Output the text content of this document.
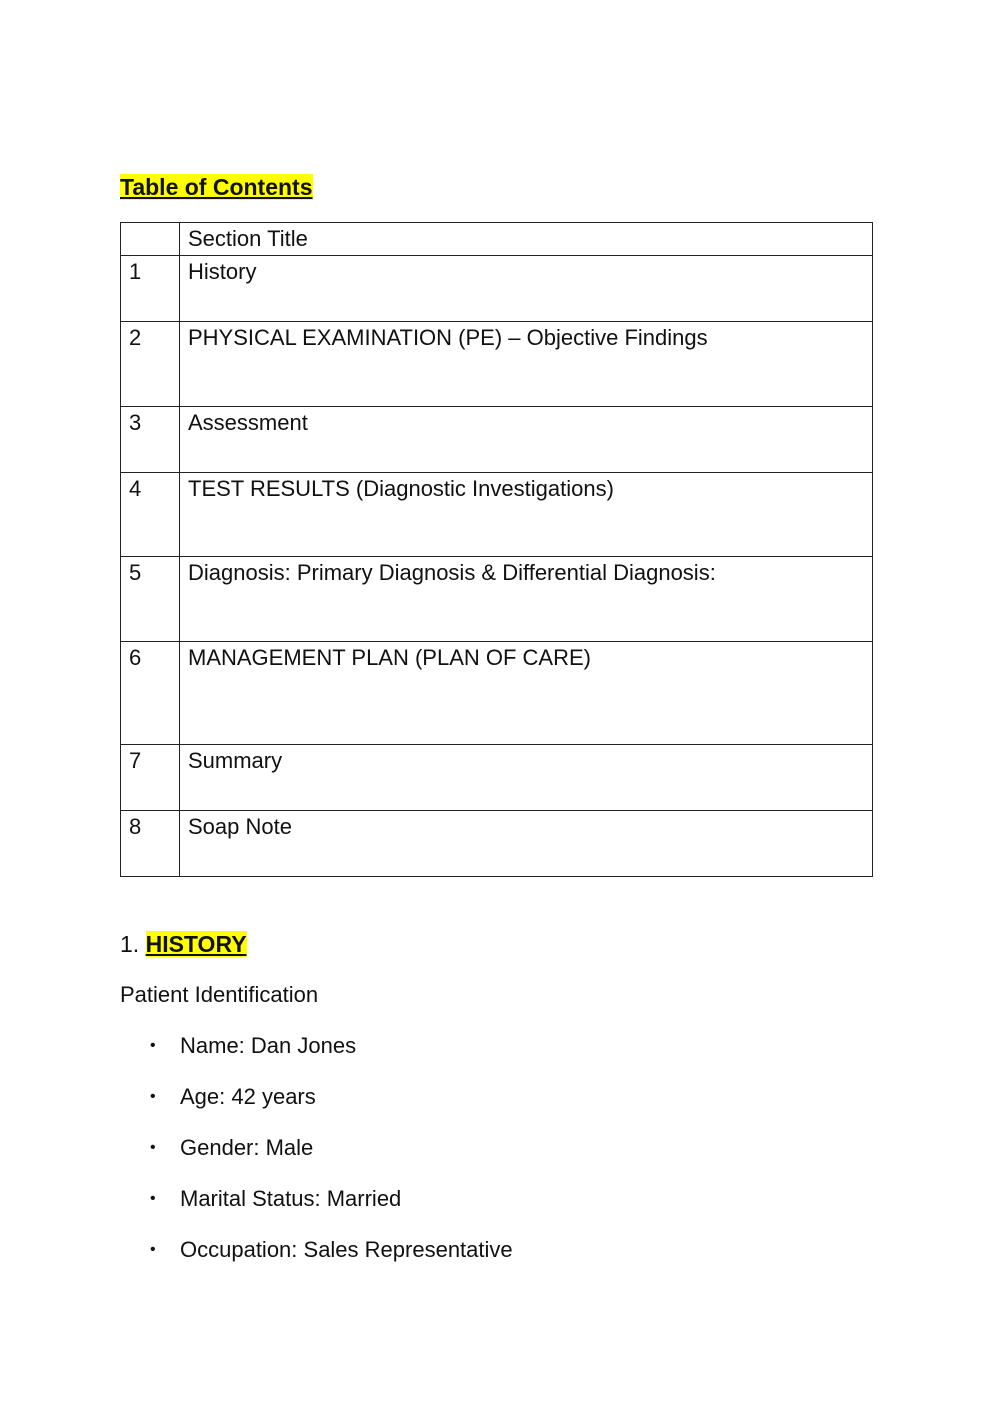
Table of Contents
	Section Title
1	History
2	PHYSICAL EXAMINATION (PE) – Objective Findings
3	Assessment
4	TEST RESULTS (Diagnostic Investigations)
5	Diagnosis: Primary Diagnosis & Differential Diagnosis:
6	MANAGEMENT PLAN (PLAN OF CARE)
7	Summary
8	Soap Note
1. HISTORY
Patient Identification
• Name: Dan Jones
• Age: 42 years
• Gender: Male
• Marital Status: Married
• Occupation: Sales Representative
